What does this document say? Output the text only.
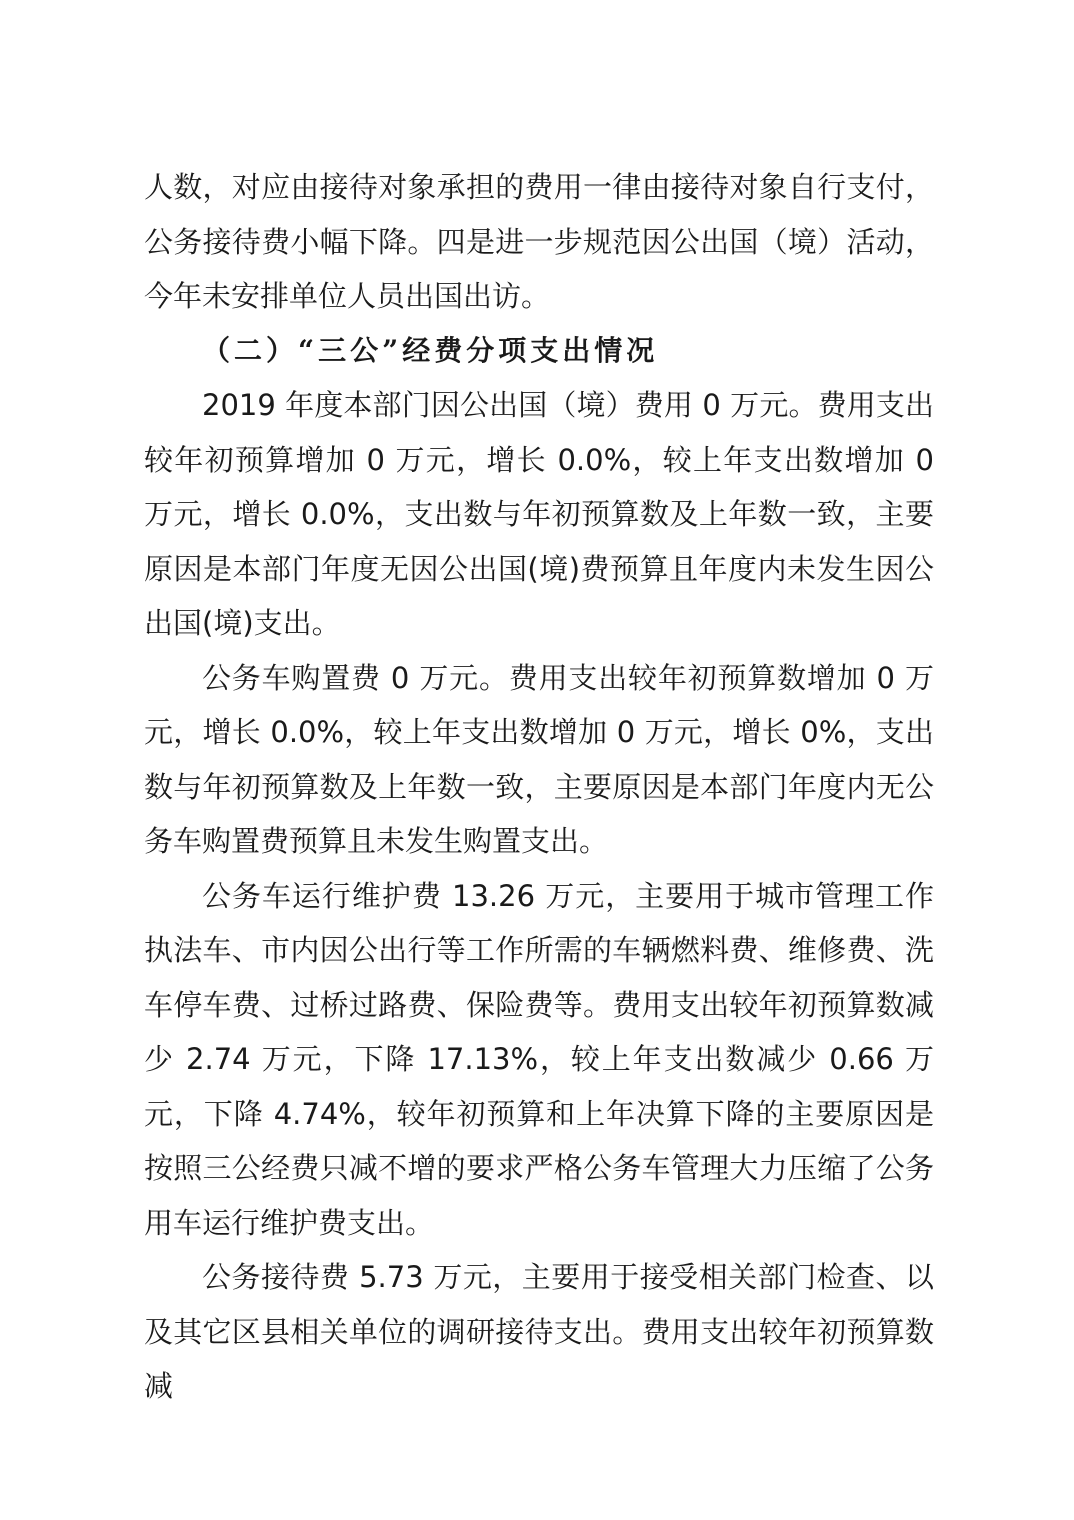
人数，对应由接待对象承担的费用一律由接待对象自行支付，公务接待费小幅下降。四是进一步规范因公出国（境）活动，今年未安排单位人员出国出访。

（二）“三公”经费分项支出情况

2019 年度本部门因公出国（境）费用 0 万元。费用支出较年初预算增加 0 万元，增长 0.0%，较上年支出数增加 0 万元，增长 0.0%，支出数与年初预算数及上年数一致，主要原因是本部门年度无因公出国(境)费预算且年度内未发生因公出国(境)支出。

公务车购置费 0 万元。费用支出较年初预算数增加 0 万元，增长 0.0%，较上年支出数增加 0 万元，增长 0%，支出数与年初预算数及上年数一致，主要原因是本部门年度内无公务车购置费预算且未发生购置支出。

公务车运行维护费 13.26 万元，主要用于城市管理工作执法车、市内因公出行等工作所需的车辆燃料费、维修费、洗车停车费、过桥过路费、保险费等。费用支出较年初预算数减少 2.74 万元，下降 17.13%，较上年支出数减少 0.66 万元，下降 4.74%，较年初预算和上年决算下降的主要原因是按照三公经费只减不增的要求严格公务车管理大力压缩了公务用车运行维护费支出。

公务接待费 5.73 万元，主要用于接受相关部门检查、以及其它区县相关单位的调研接待支出。费用支出较年初预算数减
